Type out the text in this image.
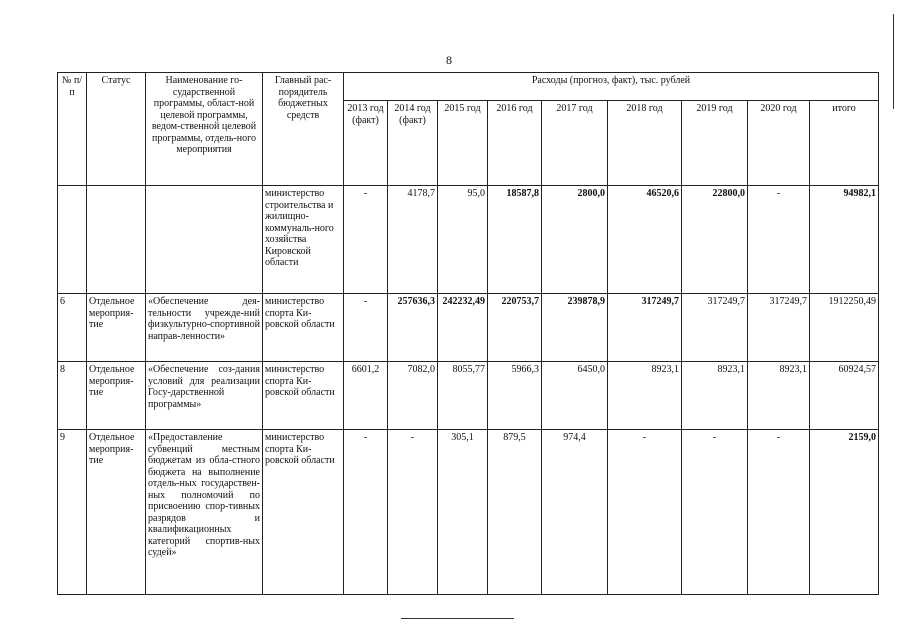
8
№ п/п	Статус	Наименование го-сударственной программы, област-ной целевой программы, ведом-ственной целевой программы, отдель-ного мероприятия	Главный рас-порядитель бюджетных средств	Расходы (прогноз, факт), тыс. рублей								
				2013 год (факт)	2014 год (факт)	2015 год	2016 год	2017 год	2018 год	2019 год	2020 год	итого
			министерство строительства и жилищно-коммуналь-ного хозяйства Кировской области	-	4178,7	95,0	18587,8	2800,0	46520,6	22800,0	-	94982,1
6	Отдельное мероприя-тие	«Обеспечение дея-тельности учрежде-ний физкультурно-спортивной направ-ленности»	министерство спорта Ки-ровской области	-	257636,3	242232,49	220753,7	239878,9	317249,7	317249,7	317249,7	1912250,49
8	Отдельное мероприя-тие	«Обеспечение соз-дания условий для реализации Госу-дарственной программы»	министерство спорта Ки-ровской области	6601,2	7082,0	8055,77	5966,3	6450,0	8923,1	8923,1	8923,1	60924,57
9	Отдельное мероприя-тие	«Предоставление субвенций местным бюджетам из обла-стного бюджета на выполнение отдель-ных государствен-ных полномочий по присвоению спор-тивных разрядов и квалификационных категорий спортив-ных судей»	министерство спорта Ки-ровской области	-	-	305,1	879,5	974,4	-	-	-	2159,0
